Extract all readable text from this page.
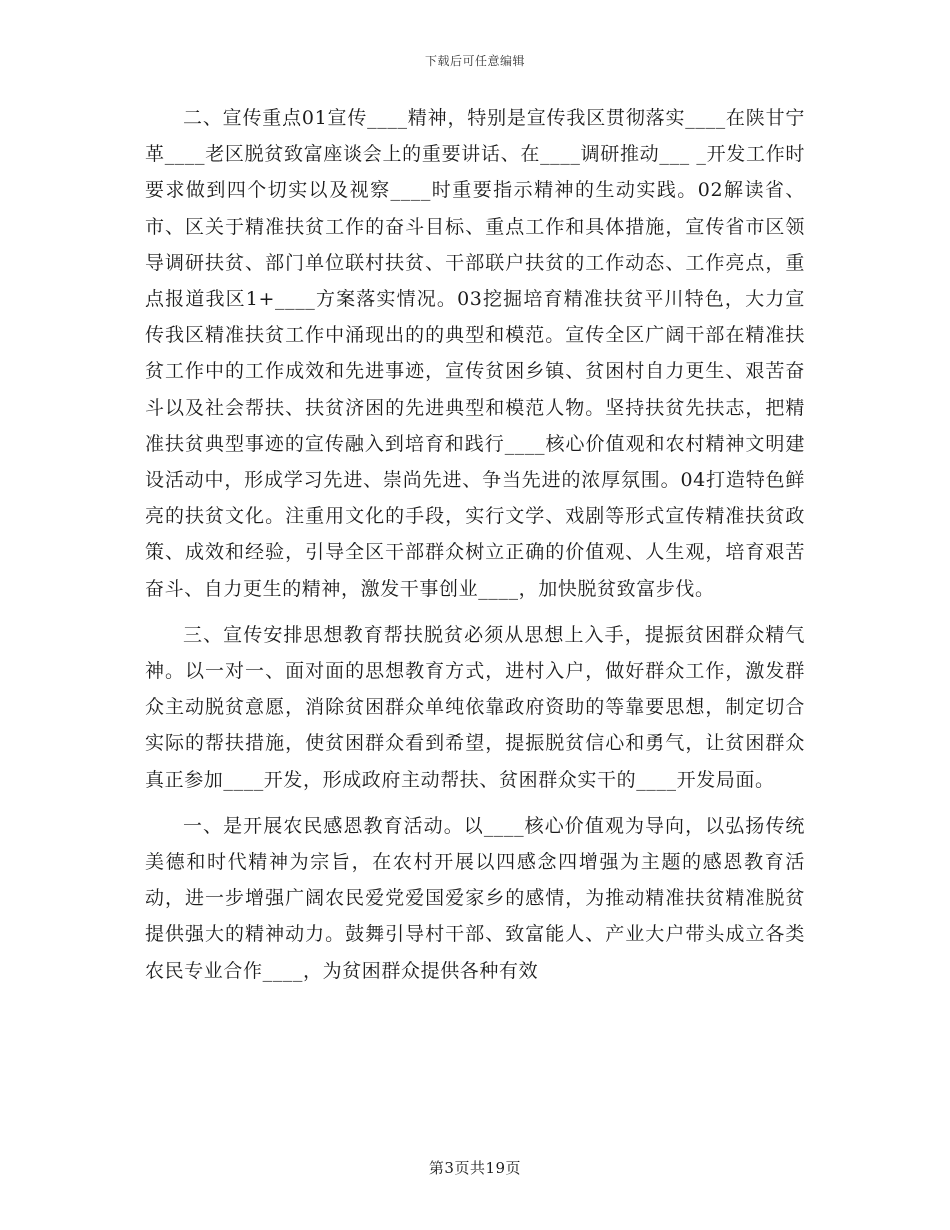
下载后可任意编辑

二、宣传重点01宣传____精神，特别是宣传我区贯彻落实____在陕甘宁革____老区脱贫致富座谈会上的重要讲话、在____调研推动___ _开发工作时要求做到四个切实以及视察____时重要指示精神的生动实践。02解读省、市、区关于精准扶贫工作的奋斗目标、重点工作和具体措施，宣传省市区领导调研扶贫、部门单位联村扶贫、干部联户扶贫的工作动态、工作亮点，重点报道我区1+____方案落实情况。03挖掘培育精准扶贫平川特色，大力宣传我区精准扶贫工作中涌现出的的典型和模范。宣传全区广阔干部在精准扶贫工作中的工作成效和先进事迹，宣传贫困乡镇、贫困村自力更生、艰苦奋斗以及社会帮扶、扶贫济困的先进典型和模范人物。坚持扶贫先扶志，把精准扶贫典型事迹的宣传融入到培育和践行____核心价值观和农村精神文明建设活动中，形成学习先进、崇尚先进、争当先进的浓厚氛围。04打造特色鲜亮的扶贫文化。注重用文化的手段，实行文学、戏剧等形式宣传精准扶贫政策、成效和经验，引导全区干部群众树立正确的价值观、人生观，培育艰苦奋斗、自力更生的精神，激发干事创业____，加快脱贫致富步伐。

三、宣传安排思想教育帮扶脱贫必须从思想上入手，提振贫困群众精气神。以一对一、面对面的思想教育方式，进村入户，做好群众工作，激发群众主动脱贫意愿，消除贫困群众单纯依靠政府资助的等靠要思想，制定切合实际的帮扶措施，使贫困群众看到希望，提振脱贫信心和勇气，让贫困群众真正参加____开发，形成政府主动帮扶、贫困群众实干的____开发局面。

一、是开展农民感恩教育活动。以____核心价值观为导向，以弘扬传统美德和时代精神为宗旨，在农村开展以四感念四增强为主题的感恩教育活动，进一步增强广阔农民爱党爱国爱家乡的感情，为推动精准扶贫精准脱贫提供强大的精神动力。鼓舞引导村干部、致富能人、产业大户带头成立各类农民专业合作____，为贫困群众提供各种有效

第3页共19页
